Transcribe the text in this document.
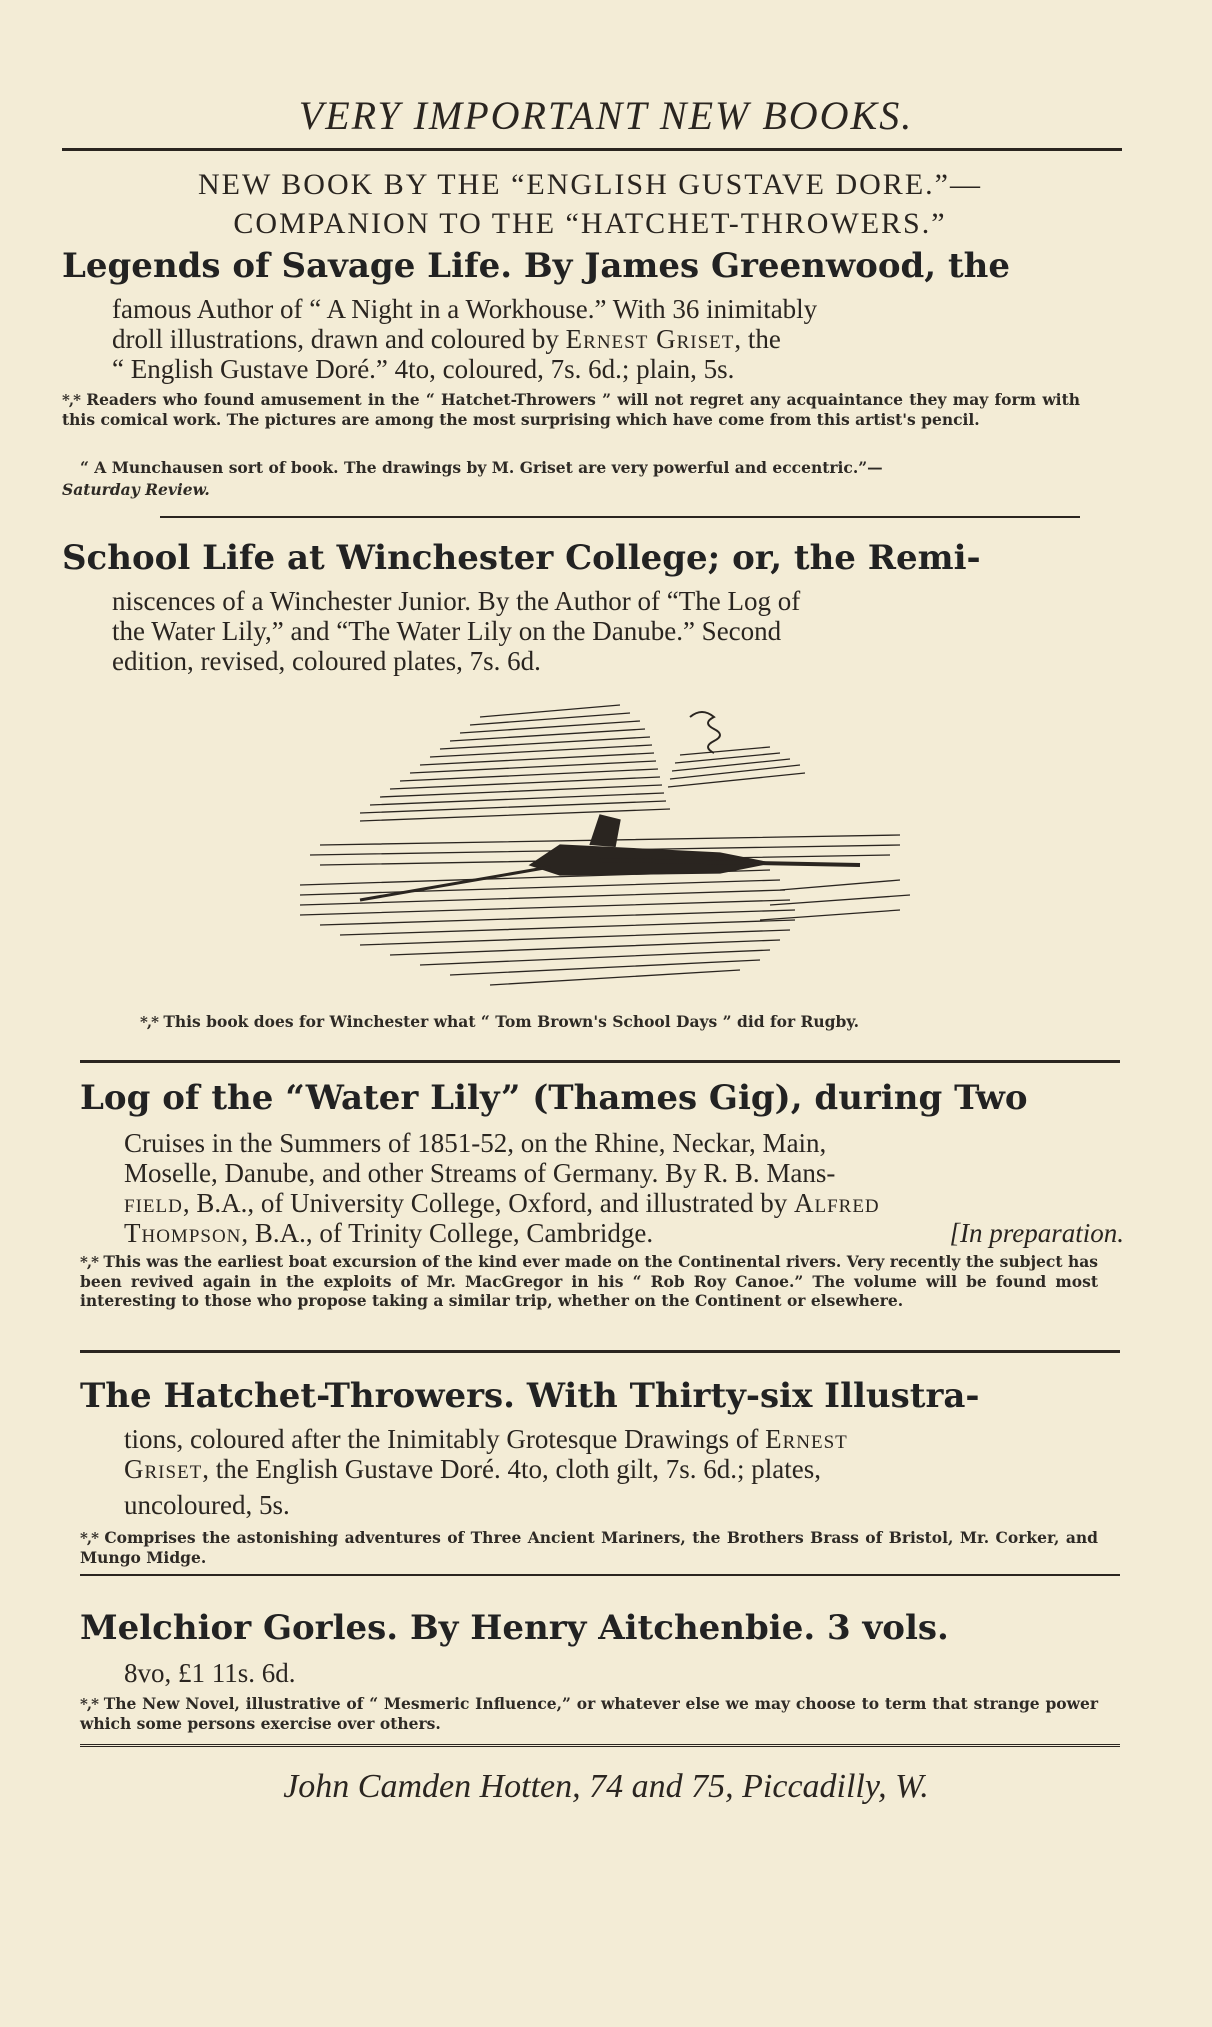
VERY IMPORTANT NEW BOOKS.
NEW BOOK BY THE “ENGLISH GUSTAVE DORE.”—
COMPANION TO THE “HATCHET-THROWERS.”
Legends of Savage Life. By James Greenwood, the
famous Author of “ A Night in a Workhouse.” With 36 inimitably
droll illustrations, drawn and coloured by Ernest Griset, the
“ English Gustave Doré.” 4to, coloured, 7s. 6d.; plain, 5s.
*,* Readers who found amusement in the “ Hatchet-Throwers ” will not regret any acquaintance they may form with this comical work. The pictures are among the most surprising which have come from this artist's pencil.
“ A Munchausen sort of book. The drawings by M. Griset are very powerful and eccentric.”—
Saturday Review.
School Life at Winchester College; or, the Remi-
niscences of a Winchester Junior. By the Author of “The Log of
the Water Lily,” and “The Water Lily on the Danube.” Second
edition, revised, coloured plates, 7s. 6d.
*,* This book does for Winchester what “ Tom Brown's School Days ” did for Rugby.
Log of the “Water Lily” (Thames Gig), during Two
Cruises in the Summers of 1851-52, on the Rhine, Neckar, Main,
Moselle, Danube, and other Streams of Germany. By R. B. Mans-
field, B.A., of University College, Oxford, and illustrated by Alfred
Thompson, B.A., of Trinity College, Cambridge.	[In preparation.
*,* This was the earliest boat excursion of the kind ever made on the Continental rivers. Very recently the subject has been revived again in the exploits of Mr. MacGregor in his “ Rob Roy Canoe.” The volume will be found most interesting to those who propose taking a similar trip, whether on the Continent or elsewhere.
The Hatchet-Throwers. With Thirty-six Illustra-
tions, coloured after the Inimitably Grotesque Drawings of Ernest
Griset, the English Gustave Doré. 4to, cloth gilt, 7s. 6d.; plates,
uncoloured, 5s.
*,* Comprises the astonishing adventures of Three Ancient Mariners, the Brothers Brass of Bristol, Mr. Corker, and Mungo Midge.
Melchior Gorles. By Henry Aitchenbie. 3 vols.
8vo, £1 11s. 6d.
*,* The New Novel, illustrative of “ Mesmeric Influence,” or whatever else we may choose to term that strange power which some persons exercise over others.
John Camden Hotten, 74 and 75, Piccadilly, W.
